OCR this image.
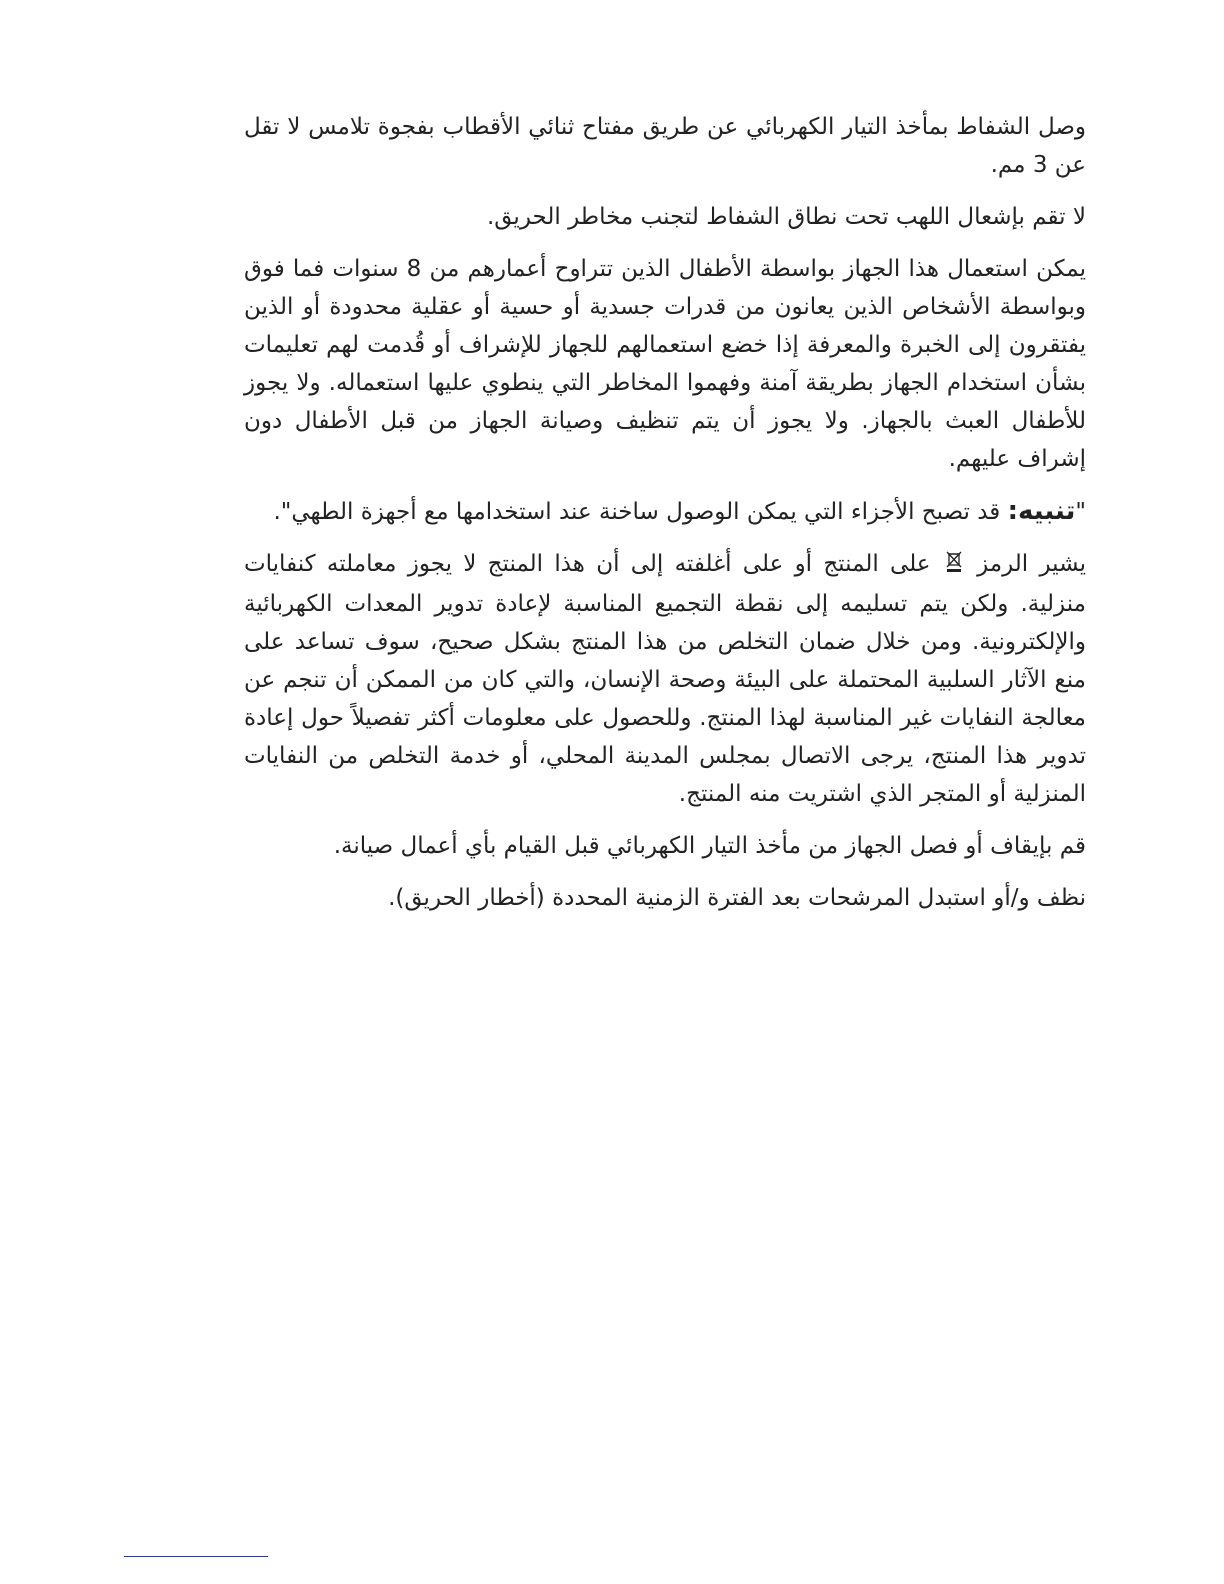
وصل الشفاط بمأخذ التيار الكهربائي عن طريق مفتاح ثنائي الأقطاب بفجوة تلامس لا تقل عن 3 مم.

لا تقم بإشعال اللهب تحت نطاق الشفاط لتجنب مخاطر الحريق.

يمكن استعمال هذا الجهاز بواسطة الأطفال الذين تتراوح أعمارهم من 8 سنوات فما فوق وبواسطة الأشخاص الذين يعانون من قدرات جسدية أو حسية أو عقلية محدودة أو الذين يفتقرون إلى الخبرة والمعرفة إذا خضع استعمالهم للجهاز للإشراف أو قُدمت لهم تعليمات بشأن استخدام الجهاز بطريقة آمنة وفهموا المخاطر التي ينطوي عليها استعماله. ولا يجوز للأطفال العبث بالجهاز. ولا يجوز أن يتم تنظيف وصيانة الجهاز من قبل الأطفال دون إشراف عليهم.

"تنبيه: قد تصبح الأجزاء التي يمكن الوصول ساخنة عند استخدامها مع أجهزة الطهي".

يشير الرمز  على المنتج أو على أغلفته إلى أن هذا المنتج لا يجوز معاملته كنفايات منزلية. ولكن يتم تسليمه إلى نقطة التجميع المناسبة لإعادة تدوير المعدات الكهربائية والإلكترونية. ومن خلال ضمان التخلص من هذا المنتج بشكل صحيح، سوف تساعد على منع الآثار السلبية المحتملة على البيئة وصحة الإنسان، والتي كان من الممكن أن تنجم عن معالجة النفايات غير المناسبة لهذا المنتج. وللحصول على معلومات أكثر تفصيلاً حول إعادة تدوير هذا المنتج، يرجى الاتصال بمجلس المدينة المحلي، أو خدمة التخلص من النفايات المنزلية أو المتجر الذي اشتريت منه المنتج.

قم بإيقاف أو فصل الجهاز من مأخذ التيار الكهربائي قبل القيام بأي أعمال صيانة.

نظف و/أو استبدل المرشحات بعد الفترة الزمنية المحددة (أخطار الحريق).
